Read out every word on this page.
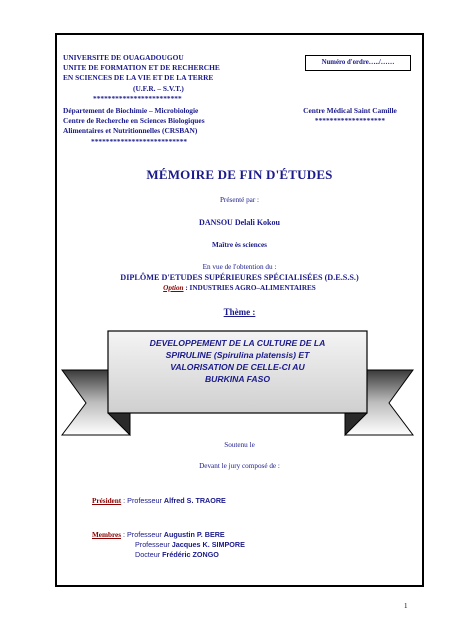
UNIVERSITE DE OUAGADOUGOU
UNITE DE FORMATION ET DE RECHERCHE
EN SCIENCES DE LA VIE ET DE LA TERRE
(U.F.R. – S.V.T.)
************************
Numéro d'ordre…../……
Département de Biochimie – Microbiologie
Centre de Recherche en Sciences Biologiques
Alimentaires et Nutritionnelles (CRSBAN)
**************************
Centre Médical Saint Camille
*******************
MÉMOIRE DE FIN D'ÉTUDES
Présenté par :
DANSOU Delali Kokou
Maître ès sciences
En vue de l'obtention du :
DIPLÔME D'ETUDES SUPÉRIEURES SPÉCIALISÉES (D.E.S.S.)
Option : INDUSTRIES AGRO–ALIMENTAIRES
Thème :
DEVELOPPEMENT DE LA CULTURE DE LA
SPIRULINE (Spirulina platensis) ET
VALORISATION DE CELLE-CI AU
BURKINA FASO
Soutenu le
Devant le jury composé de :
Président : Professeur Alfred S. TRAORE
Membres : Professeur Augustin P. BERE
Professeur Jacques K. SIMPORE
Docteur Frédéric ZONGO
1
